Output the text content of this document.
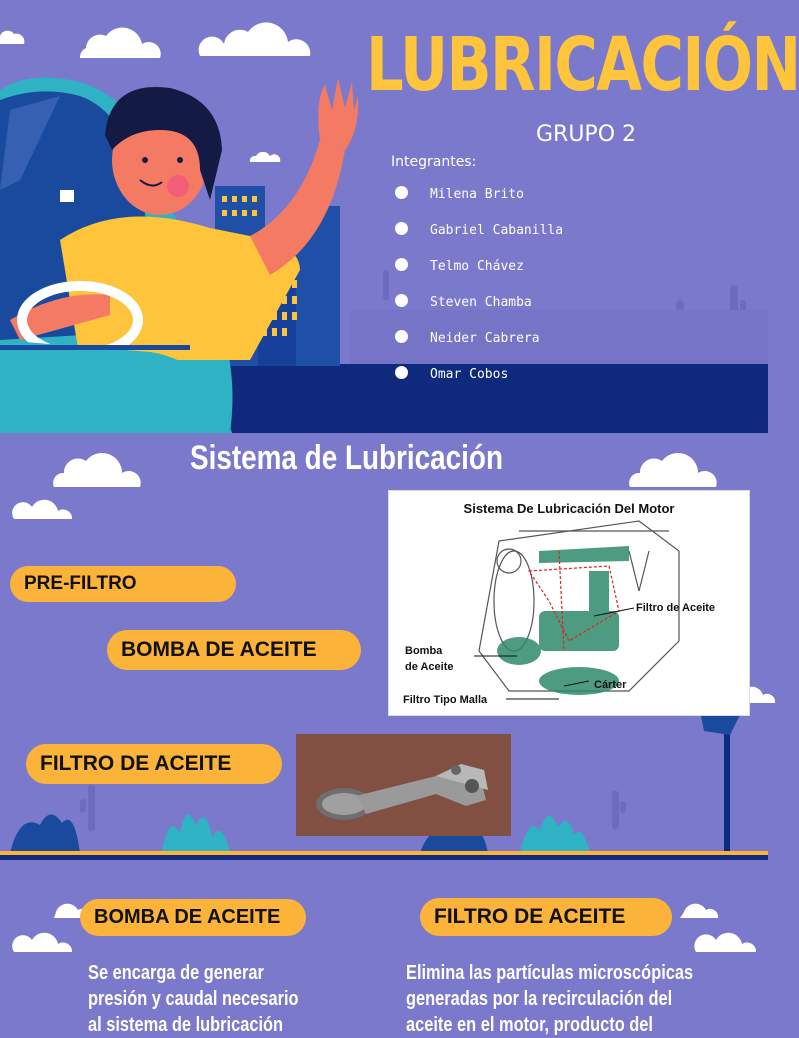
LUBRICACIÓN
GRUPO 2
Integrantes:
Milena Brito
Gabriel Cabanilla
Telmo Chávez
Steven Chamba
Neider Cabrera
Omar Cobos
Sistema de Lubricación
PRE-FILTRO
BOMBA DE ACEITE
FILTRO DE ACEITE
Sistema De Lubricación Del Motor
Filtro de Aceite
Bomba
de Aceite
Cárter
Filtro Tipo Malla
BOMBA DE ACEITE	FILTRO DE ACEITE
Se encarga de generar
presión y caudal necesario
al sistema de lubricación
Elimina las partículas microscópicas
generadas por la recirculación del
aceite en el motor, producto del
